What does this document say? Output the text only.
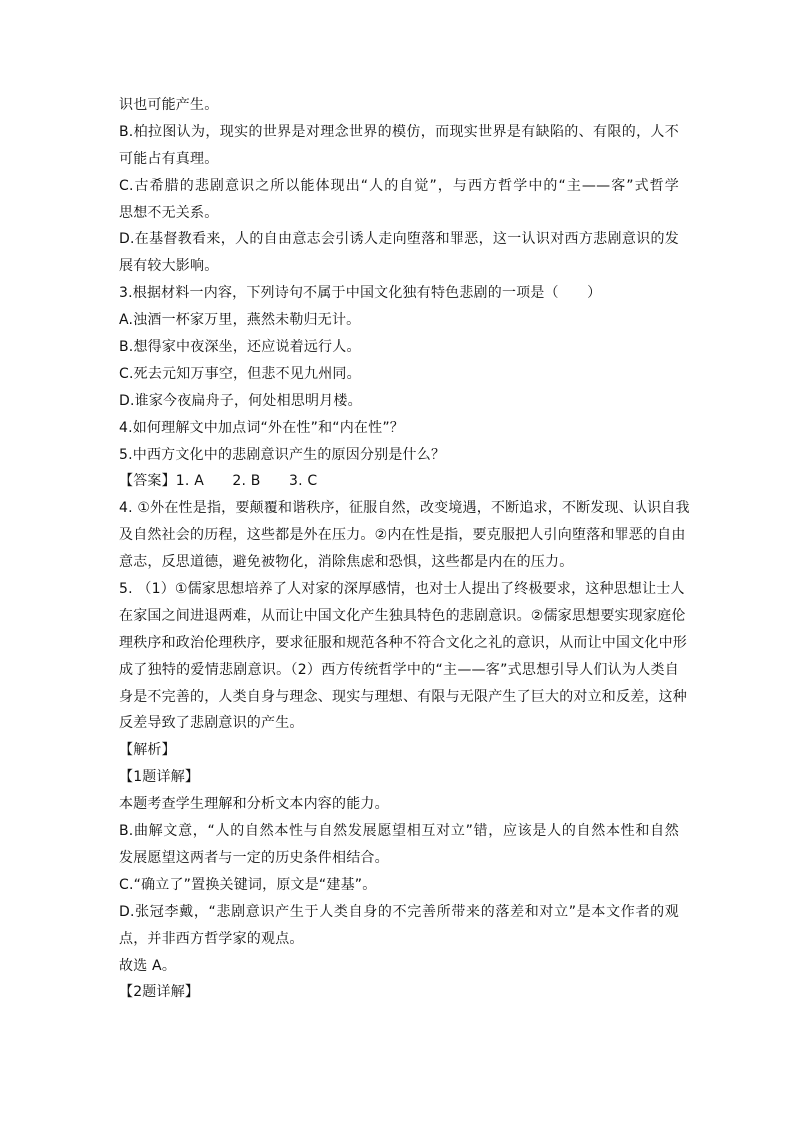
识也可能产生。
B.柏拉图认为，现实的世界是对理念世界的模仿，而现实世界是有缺陷的、有限的，人不
可能占有真理。
C.古希腊的悲剧意识之所以能体现出“人的自觉”，与西方哲学中的“主——客”式哲学
思想不无关系。
D.在基督教看来，人的自由意志会引诱人走向堕落和罪恶，这一认识对西方悲剧意识的发
展有较大影响。
3.根据材料一内容，下列诗句不属于中国文化独有特色悲剧的一项是（　　）
A.浊酒一杯家万里，燕然未勒归无计。
B.想得家中夜深坐，还应说着远行人。
C.死去元知万事空，但悲不见九州同。
D.谁家今夜扁舟子，何处相思明月楼。
4.如何理解文中加点词“外在性”和“内在性”？
5.中西方文化中的悲剧意识产生的原因分别是什么？
【答案】1. A　　2. B　　3. C
4. ①外在性是指，要颠覆和谐秩序，征服自然，改变境遇，不断追求，不断发现、认识自我
及自然社会的历程，这些都是外在压力。②内在性是指，要克服把人引向堕落和罪恶的自由
意志，反思道德，避免被物化，消除焦虑和恐惧，这些都是内在的压力。
5. （1）①儒家思想培养了人对家的深厚感情，也对士人提出了终极要求，这种思想让士人
在家国之间进退两难，从而让中国文化产生独具特色的悲剧意识。②儒家思想要实现家庭伦
理秩序和政治伦理秩序，要求征服和规范各种不符合文化之礼的意识，从而让中国文化中形
成了独特的爱情悲剧意识。（2）西方传统哲学中的“主——客”式思想引导人们认为人类自
身是不完善的，人类自身与理念、现实与理想、有限与无限产生了巨大的对立和反差，这种
反差导致了悲剧意识的产生。
【解析】
【1题详解】
本题考查学生理解和分析文本内容的能力。
B.曲解文意，“人的自然本性与自然发展愿望相互对立”错，应该是人的自然本性和自然
发展愿望这两者与一定的历史条件相结合。
C.“确立了”置换关键词，原文是“建基”。
D.张冠李戴，“悲剧意识产生于人类自身的不完善所带来的落差和对立”是本文作者的观
点，并非西方哲学家的观点。
故选 A。
【2题详解】
